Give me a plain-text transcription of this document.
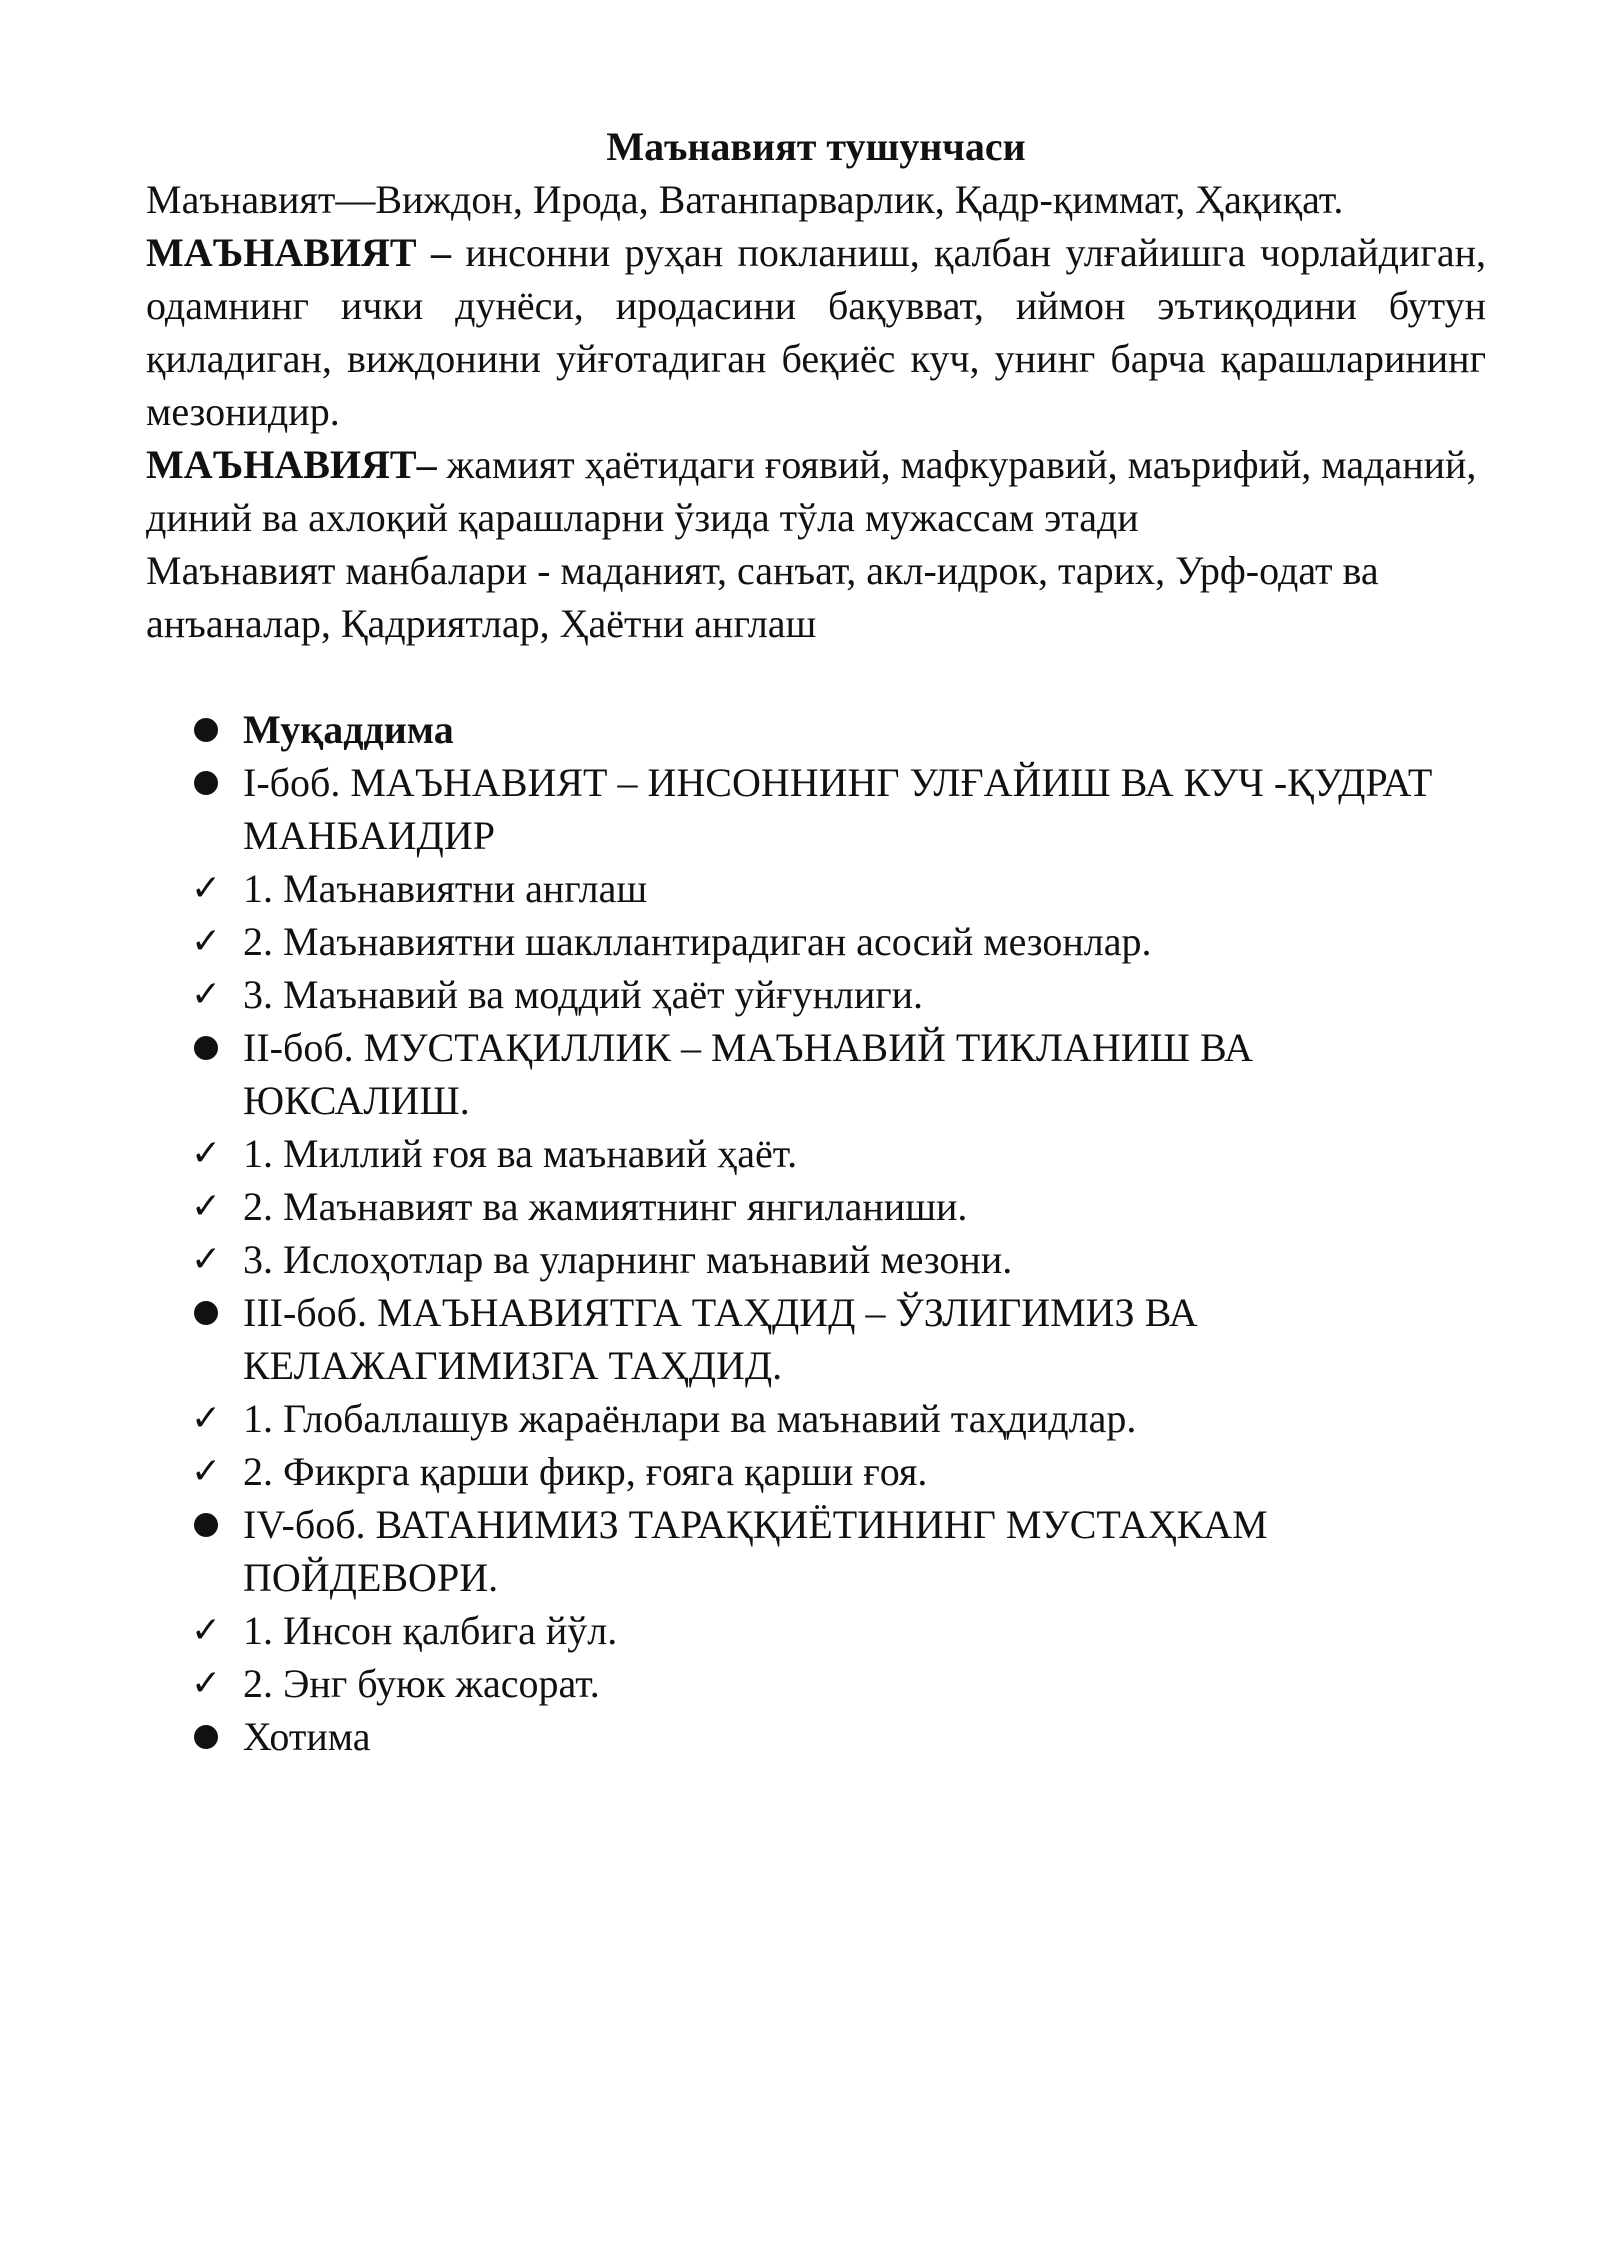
Маънавият тушунчаси

Маънавият—Виждон, Ирода, Ватанпарварлик, Қадр-қиммат, Ҳақиқат.

МАЪНАВИЯТ – инсонни руҳан покланиш, қалбан улғайишга чорлайдиган, одамнинг ички дунёси, иродасини бақувват, иймон эътиқодини бутун қиладиган, виждонини уйғотадиган беқиёс куч, унинг барча қарашларининг мезонидир.

МАЪНАВИЯТ– жамият ҳаётидаги ғоявий, мафкуравий, маърифий, маданий, диний ва ахлоқий қарашларни ўзида тўла мужассам этади

Маънавият манбалари - маданият, санъат, акл-идрок, тарих, Урф-одат ва анъаналар, Қадриятлар, Ҳаётни англаш

Муқаддима
I-боб. МАЪНАВИЯТ – ИНСОННИНГ УЛҒАЙИШ ВА КУЧ -ҚУДРАТ МАНБАИДИР
✓ 1. Маънавиятни англаш
✓ 2. Маънавиятни шакллантирадиган асосий мезонлар.
✓ 3. Маънавий ва моддий ҳаёт уйғунлиги.
II-боб. МУСТАҚИЛЛИК – МАЪНАВИЙ ТИКЛАНИШ ВА ЮКСАЛИШ.
✓ 1. Миллий ғоя ва маънавий ҳаёт.
✓ 2. Маънавият ва жамиятнинг янгиланиши.
✓ 3. Ислоҳотлар ва уларнинг маънавий мезони.
III-боб. МАЪНАВИЯТГА ТАҲДИД – ЎЗЛИГИМИЗ ВА КЕЛАЖАГИМИЗГА ТАҲДИД.
✓ 1. Глобаллашув жараёнлари ва маънавий таҳдидлар.
✓ 2. Фикрга қарши фикр, ғояга қарши ғоя.
IV-боб. ВАТАНИМИЗ ТАРАҚҚИЁТИНИНГ МУСТАҲКАМ ПОЙДЕВОРИ.
✓ 1. Инсон қалбига йўл.
✓ 2. Энг буюк жасорат.
Хотима
